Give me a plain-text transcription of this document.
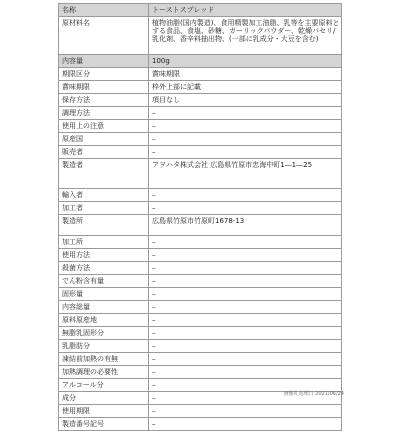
名称	トーストスプレッド

原材料名	植物油脂(国内製造)、食用精製加工油脂、乳等を主要原料とする食品、食塩、砂糖、ガーリックパウダー、乾燥パセリ/乳化剤、香辛料抽出物、(一部に乳成分・大豆を含む)

内容量	100g

期限区分	賞味期限

賞味期限	枠外上部に記載

保存方法	項目なし

調理方法	–

使用上の注意	–

原産国	–

販売者	–

製造者	アヲハタ株式会社 広島県竹原市忠海中町1―1―25

輸入者	–

加工者	–

製造所	広島県竹原市竹原町1678-13

加工所	–

使用方法	–

殺菌方法	–

でん粉含有量	–

固形量	–

内容総量	–

原料原産地	–

無脂乳固形分	–

乳脂肪分	–

凍結前加熱の有無	–

加熱調理の必要性	–

アルコール分	–

成分	–

使用期限	–

製造番号記号	–
画像札処理日 2021/06/24
